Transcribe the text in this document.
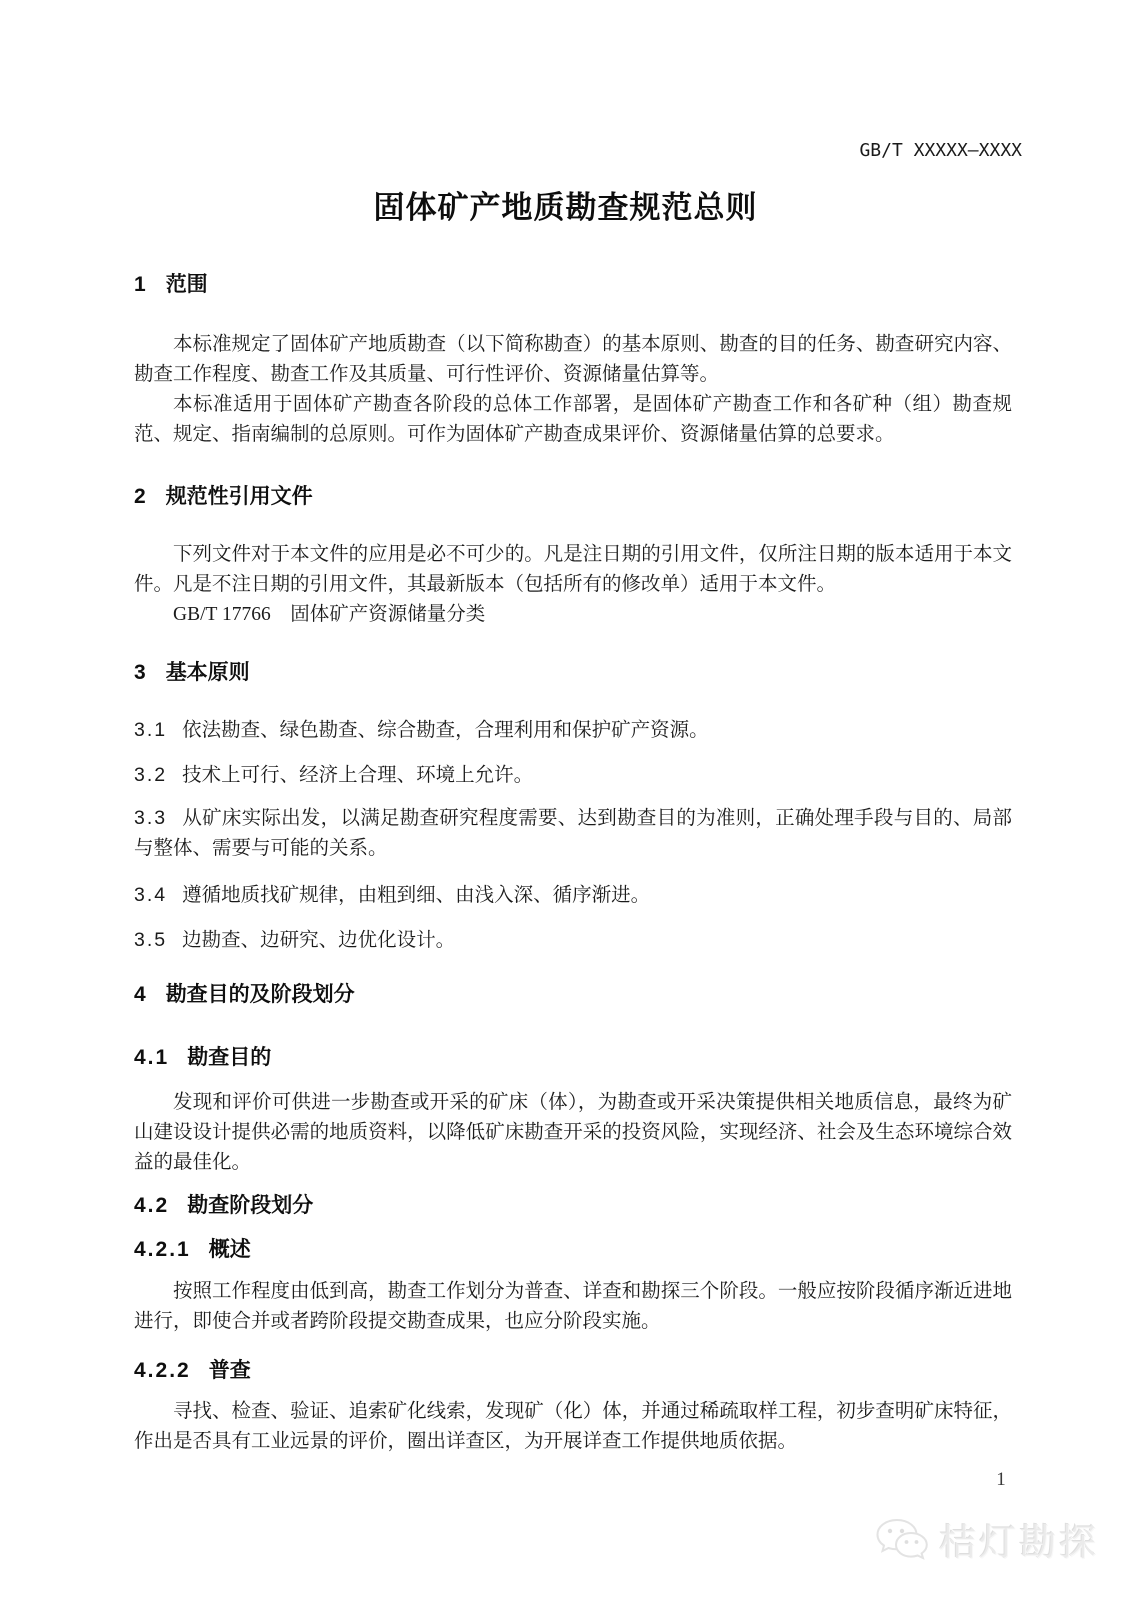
GB/T XXXXX—XXXX
固体矿产地质勘查规范总则
1 范围

本标准规定了固体矿产地质勘查（以下简称勘查）的基本原则、勘查的目的任务、勘查研究内容、勘查工作程度、勘查工作及其质量、可行性评价、资源储量估算等。

本标准适用于固体矿产勘查各阶段的总体工作部署，是固体矿产勘查工作和各矿种（组）勘查规范、规定、指南编制的总原则。可作为固体矿产勘查成果评价、资源储量估算的总要求。

2 规范性引用文件

下列文件对于本文件的应用是必不可少的。凡是注日期的引用文件，仅所注日期的版本适用于本文件。凡是不注日期的引用文件，其最新版本（包括所有的修改单）适用于本文件。

GB/T 17766　固体矿产资源储量分类
3 基本原则
3.1 依法勘查、绿色勘查、综合勘查，合理利用和保护矿产资源。
3.2 技术上可行、经济上合理、环境上允许。
3.3 从矿床实际出发，以满足勘查研究程度需要、达到勘查目的为准则，正确处理手段与目的、局部与整体、需要与可能的关系。
3.4 遵循地质找矿规律，由粗到细、由浅入深、循序渐进。
3.5 边勘查、边研究、边优化设计。
4 勘查目的及阶段划分
4.1 勘查目的

发现和评价可供进一步勘查或开采的矿床（体），为勘查或开采决策提供相关地质信息，最终为矿山建设设计提供必需的地质资料，以降低矿床勘查开采的投资风险，实现经济、社会及生态环境综合效益的最佳化。

4.2 勘查阶段划分
4.2.1 概述

按照工作程度由低到高，勘查工作划分为普查、详查和勘探三个阶段。一般应按阶段循序渐近进地进行，即使合并或者跨阶段提交勘查成果，也应分阶段实施。

4.2.2 普查

寻找、检查、验证、追索矿化线索，发现矿（化）体，并通过稀疏取样工程，初步查明矿床特征，作出是否具有工业远景的评价，圈出详查区，为开展详查工作提供地质依据。

1
桔灯勘探
